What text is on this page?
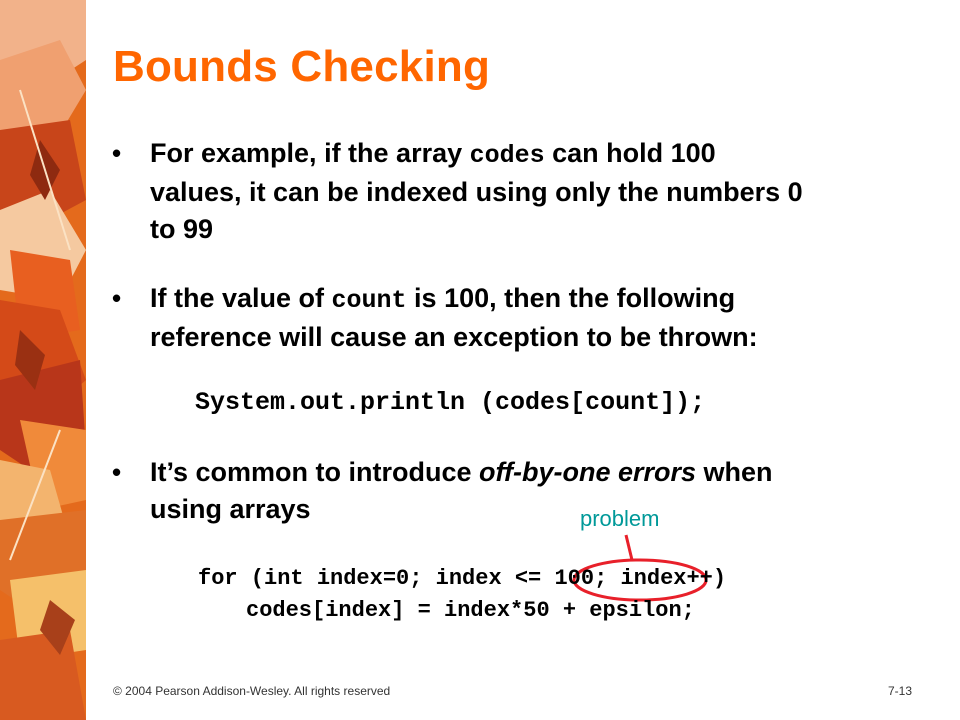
Bounds Checking
• For example, if the array codes can hold 100
values, it can be indexed using only the numbers 0
to 99
• If the value of count is 100, then the following
reference will cause an exception to be thrown:
System.out.println (codes[count]);
• It’s common to introduce off-by-one errors when
using arrays	problem
for (int index=0; index <= 100; index++)
codes[index] = index*50 + epsilon;
© 2004 Pearson Addison-Wesley. All rights reserved	7-13
